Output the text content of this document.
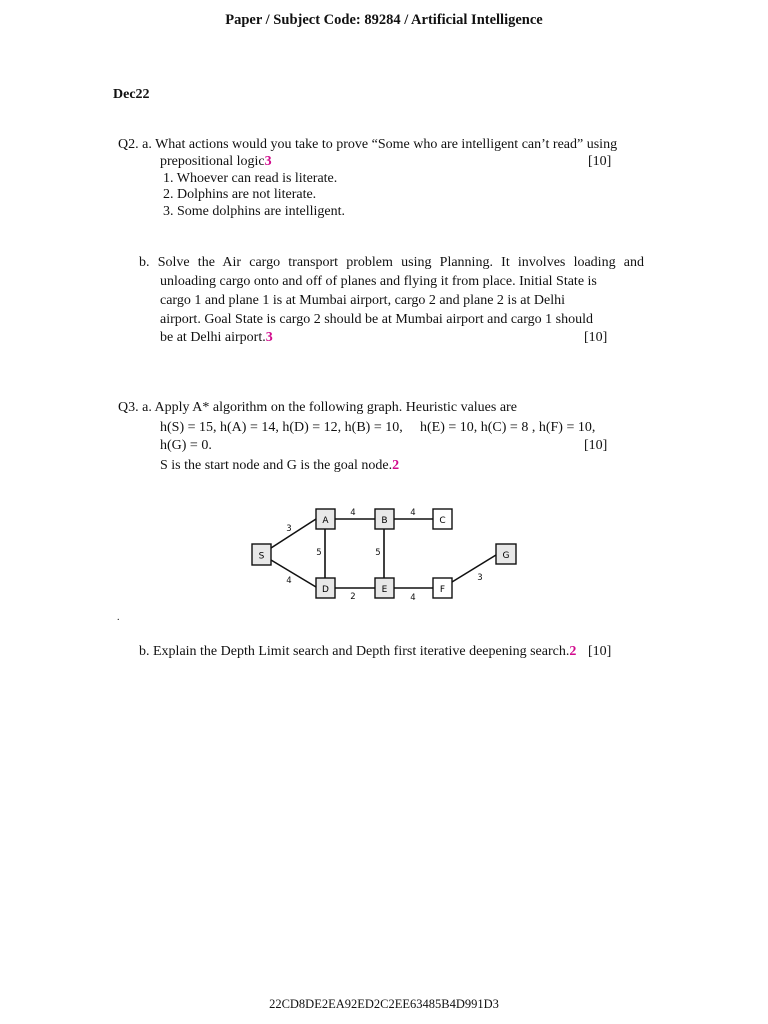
Paper / Subject Code: 89284 / Artificial Intelligence
Dec22
Q2. a. What actions would you take to prove “Some who are intelligent can’t read” using
prepositional logic3	[10]
1. Whoever can read is literate.
2. Dolphins are not literate.
3. Some dolphins are intelligent.
b. Solve the Air cargo transport problem using Planning. It involves loading and
unloading cargo onto and off of planes and flying it from place. Initial State is
cargo 1 and plane 1 is at Mumbai airport, cargo 2 and plane 2 is at Delhi
airport. Goal State is cargo 2 should be at Mumbai airport and cargo 1 should
be at Delhi airport.3	[10]
Q3. a. Apply A* algorithm on the following graph. Heuristic values are
h(S) = 15, h(A) = 14, h(D) = 12, h(B) = 10, h(E) = 10, h(C) = 8 , h(F) = 10,
h(G) = 0.	[10]
S is the start node and G is the goal node.2
S
A	B	C
D	E	F
G
3
4
4	4
5	5
2	4
3
.
b. Explain the Depth Limit search and Depth first iterative deepening search.2 [10]
22CD8DE2EA92ED2C2EE63485B4D991D3
